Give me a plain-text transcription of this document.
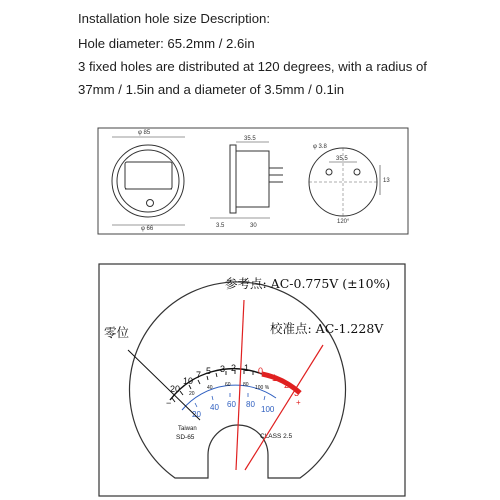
Installation hole size Description:
Hole diameter: 65.2mm / 2.6in
3 fixed holes are distributed at 120 degrees, with a radius of
37mm / 1.5in and a diameter of 3.5mm / 0.1in
φ 85
φ 66
35.5
3.5	30
φ 3.8
35.5
13
120°
20
10
7 5 3 2 1 0
1
2
3
−	+
20
40 60 80 100 %
20
40 60 80
100
Taiwan
SD-65	CLASS 2.5
参考点: AC-0.775V (±10%)
校准点: AC-1.228V
零位
